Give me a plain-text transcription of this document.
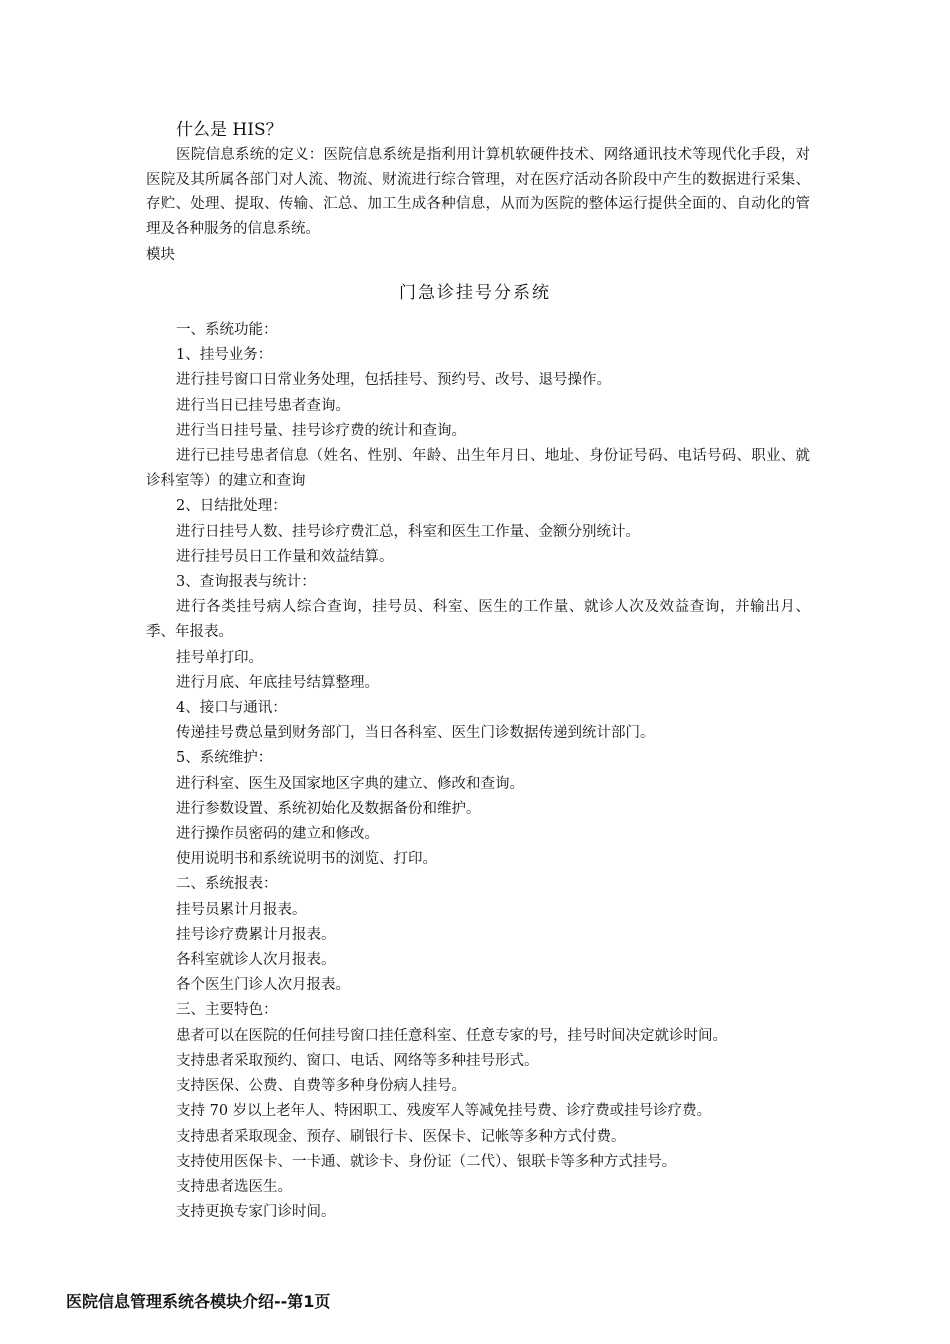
什么是 HIS？
医院信息系统的定义：医院信息系统是指利用计算机软硬件技术、网络通讯技术等现代化手段，对医院及其所属各部门对人流、物流、财流进行综合管理，对在医疗活动各阶段中产生的数据进行采集、存贮、处理、提取、传输、汇总、加工生成各种信息，从而为医院的整体运行提供全面的、自动化的管理及各种服务的信息系统。
模块
门急诊挂号分系统

一、系统功能：

1、挂号业务：

进行挂号窗口日常业务处理，包括挂号、预约号、改号、退号操作。

进行当日已挂号患者查询。

进行当日挂号量、挂号诊疗费的统计和查询。

进行已挂号患者信息（姓名、性别、年龄、出生年月日、地址、身份证号码、电话号码、职业、就诊科室等）的建立和查询

2、日结批处理：

进行日挂号人数、挂号诊疗费汇总，科室和医生工作量、金额分别统计。

进行挂号员日工作量和效益结算。

3、查询报表与统计：

进行各类挂号病人综合查询，挂号员、科室、医生的工作量、就诊人次及效益查询，并输出月、季、年报表。

挂号单打印。

进行月底、年底挂号结算整理。

4、接口与通讯：

传递挂号费总量到财务部门，当日各科室、医生门诊数据传递到统计部门。

5、系统维护：

进行科室、医生及国家地区字典的建立、修改和查询。

进行参数设置、系统初始化及数据备份和维护。

进行操作员密码的建立和修改。

使用说明书和系统说明书的浏览、打印。

二、系统报表：

挂号员累计月报表。

挂号诊疗费累计月报表。

各科室就诊人次月报表。

各个医生门诊人次月报表。

三、主要特色：

患者可以在医院的任何挂号窗口挂任意科室、任意专家的号，挂号时间决定就诊时间。

支持患者采取预约、窗口、电话、网络等多种挂号形式。

支持医保、公费、自费等多种身份病人挂号。

支持 70 岁以上老年人、特困职工、残废军人等减免挂号费、诊疗费或挂号诊疗费。

支持患者采取现金、预存、刷银行卡、医保卡、记帐等多种方式付费。

支持使用医保卡、一卡通、就诊卡、身份证（二代）、银联卡等多种方式挂号。

支持患者选医生。

支持更换专家门诊时间。

医院信息管理系统各模块介绍--第1页
